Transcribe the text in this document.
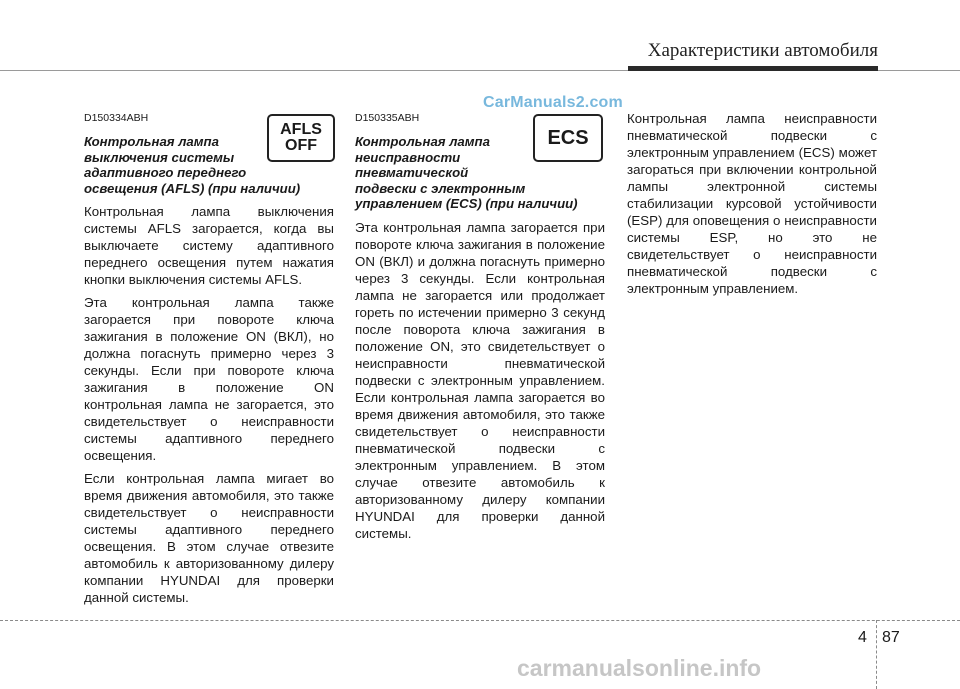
Характеристики автомобиля
CarManuals2.com
D150334ABH
Контрольная лампа
выключения системы
адаптивного переднего
освещения (AFLS) (при наличии)

Контрольная лампа выключения системы AFLS загорается, когда вы выключаете систему адаптивного переднего освещения путем нажатия кнопки выключения системы AFLS.

Эта контрольная лампа также загорается при повороте ключа зажигания в положение ON (ВКЛ), но должна погаснуть примерно через 3 секунды. Если при повороте ключа зажигания в положение ON контрольная лампа не загорается, это свидетельствует о неисправности системы адаптивного переднего освещения.

Если контрольная лампа мигает во время движения автомобиля, это также свидетельствует о неисправности системы адаптивного переднего освещения. В этом случае отвезите автомобиль к авторизованному дилеру компании HYUNDAI для проверки данной системы.

AFLS
OFF
D150335ABH
Контрольная лампа
неисправности
пневматической
подвески с электронным
управлением (ECS) (при наличии)

Эта контрольная лампа загорается при повороте ключа зажигания в положение ON (ВКЛ) и должна погаснуть примерно через 3 секунды. Если контрольная лампа не загорается или продолжает гореть по истечении примерно 3 секунд после поворота ключа зажигания в положение ON, это свидетельствует о неисправности пневматической подвески с электронным управлением. Если контрольная лампа загорается во время движения автомобиля, это также свидетельствует о неисправности пневматической подвески с электронным управлением. В этом случае отвезите автомобиль к авторизованному дилеру компании HYUNDAI для проверки данной системы.

ECS

Контрольная лампа неисправности пневматической подвески с электронным управлением (ECS) может загораться при включении контрольной лампы электронной системы стабилизации курсовой устойчивости (ESP) для оповещения о неисправности системы ESP, но это не свидетельствует о неисправности пневматической подвески с электронным управлением.

4 87
carmanualsonline.info
